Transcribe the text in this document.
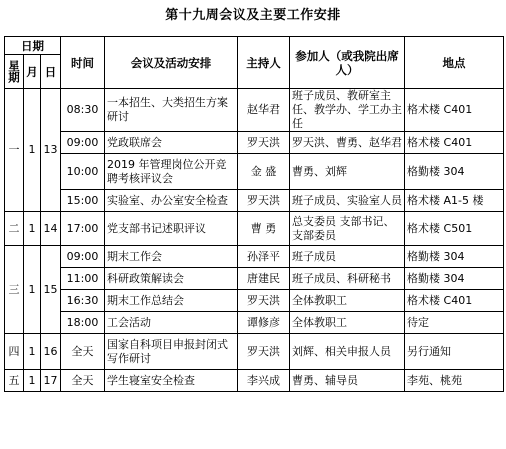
第十九周会议及主要工作安排
日期			时间	会议及活动安排	主持人	参加人（或我院出席人）	地点
星期	月	日					
一	1	13	08:30	一本招生、大类招生方案研讨	赵华君	班子成员、教研室主任、教学办、学工办主任	格术楼 C401
			09:00	党政联席会	罗天洪	罗天洪、曹勇、赵华君	格术楼 C401
			10:00	2019 年管理岗位公开竞聘考核评议会	金 盛	曹勇、刘辉	格勤楼 304
			15:00	实验室、办公室安全检查	罗天洪	班子成员、实验室人员	格术楼 A1-5 楼
二	1	14	17:00	党支部书记述职评议	曹 勇	总支委员 支部书记、支部委员	格术楼 C501
三	1	15	09:00	期末工作会	孙泽平	班子成员	格勤楼 304
			11:00	科研政策解读会	唐建民	班子成员、科研秘书	格勤楼 304
			16:30	期末工作总结会	罗天洪	全体教职工	格术楼 C401
			18:00	工会活动	谭修彦	全体教职工	待定
四	1	16	全天	国家自科项目申报封闭式写作研讨	罗天洪	刘辉、相关申报人员	另行通知
五	1	17	全天	学生寝室安全检查	李兴成	曹勇、辅导员	李苑、桃苑
